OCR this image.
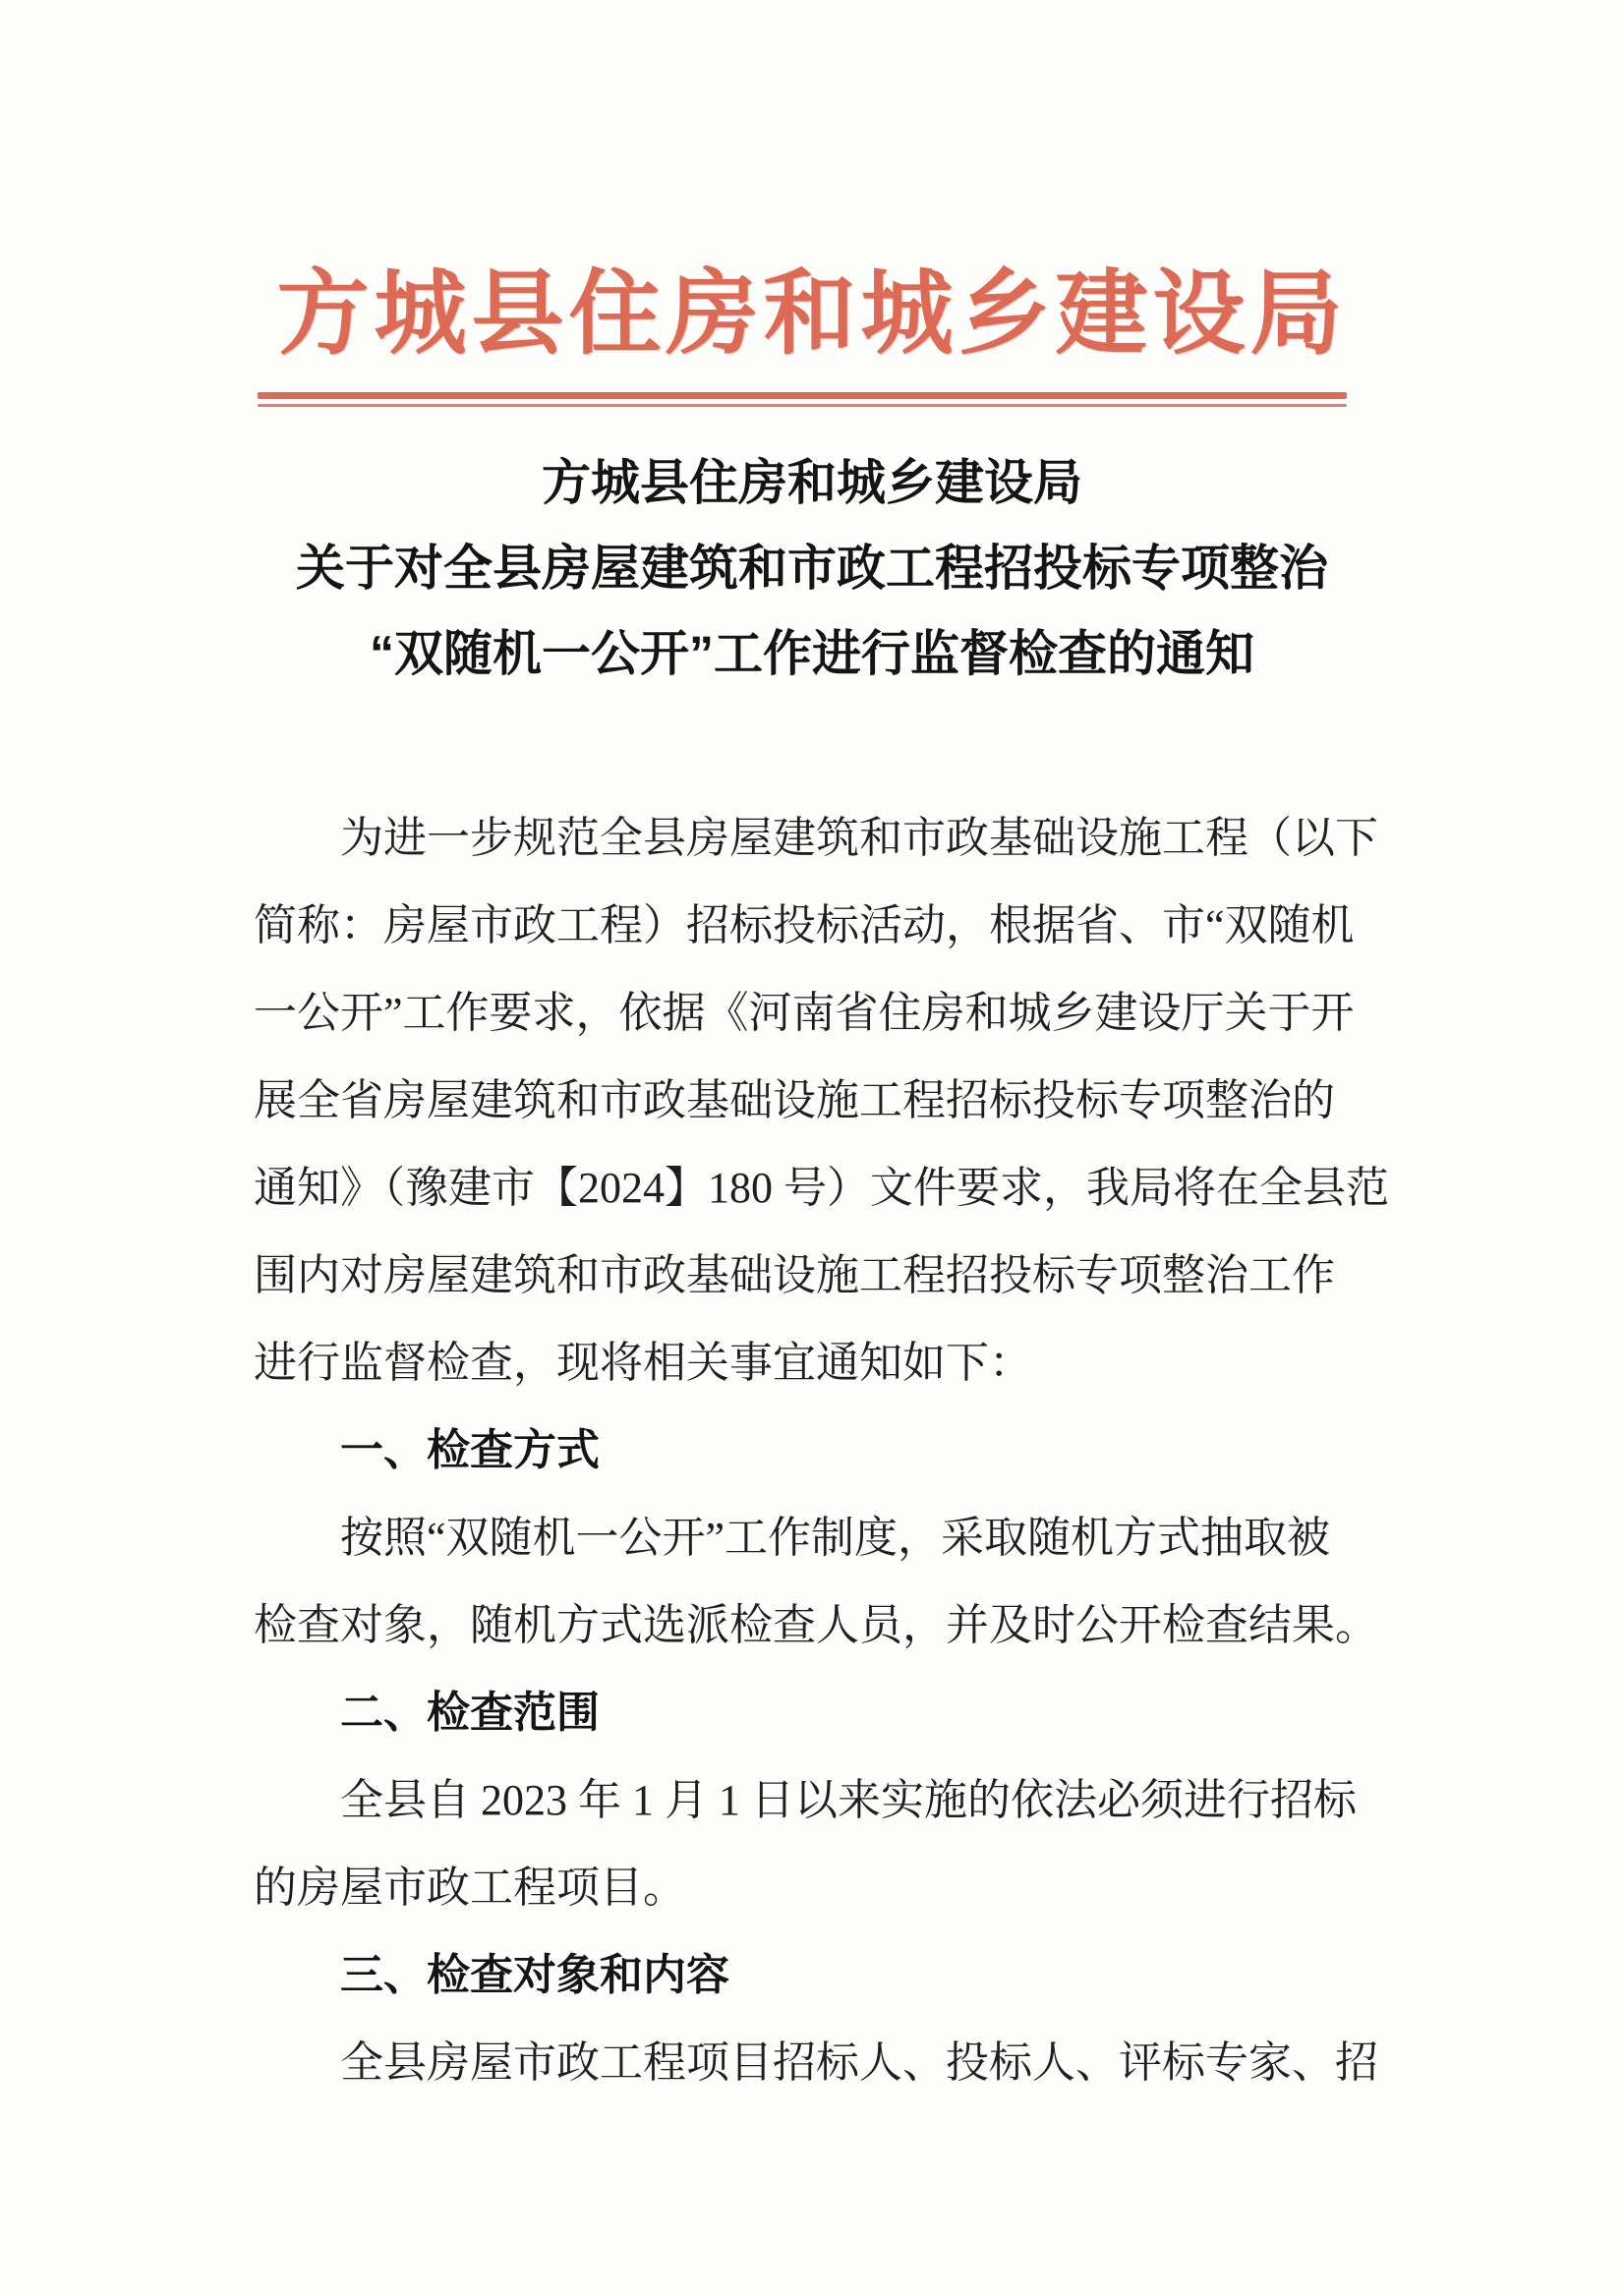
方城县住房和城乡建设局
方城县住房和城乡建设局
关于对全县房屋建筑和市政工程招投标专项整治
“双随机一公开”工作进行监督检查的通知
为进一步规范全县房屋建筑和市政基础设施工程（以下
简称：房屋市政工程）招标投标活动，根据省、市“双随机
一公开”工作要求，依据《河南省住房和城乡建设厅关于开
展全省房屋建筑和市政基础设施工程招标投标专项整治的
通知》（豫建市【2024】180 号）文件要求，我局将在全县范
围内对房屋建筑和市政基础设施工程招投标专项整治工作
进行监督检查，现将相关事宜通知如下：
一、检查方式
按照“双随机一公开”工作制度，采取随机方式抽取被
检查对象，随机方式选派检查人员，并及时公开检查结果。
二、检查范围
全县自 2023 年 1 月 1 日以来实施的依法必须进行招标
的房屋市政工程项目。
三、检查对象和内容
全县房屋市政工程项目招标人、投标人、评标专家、招
